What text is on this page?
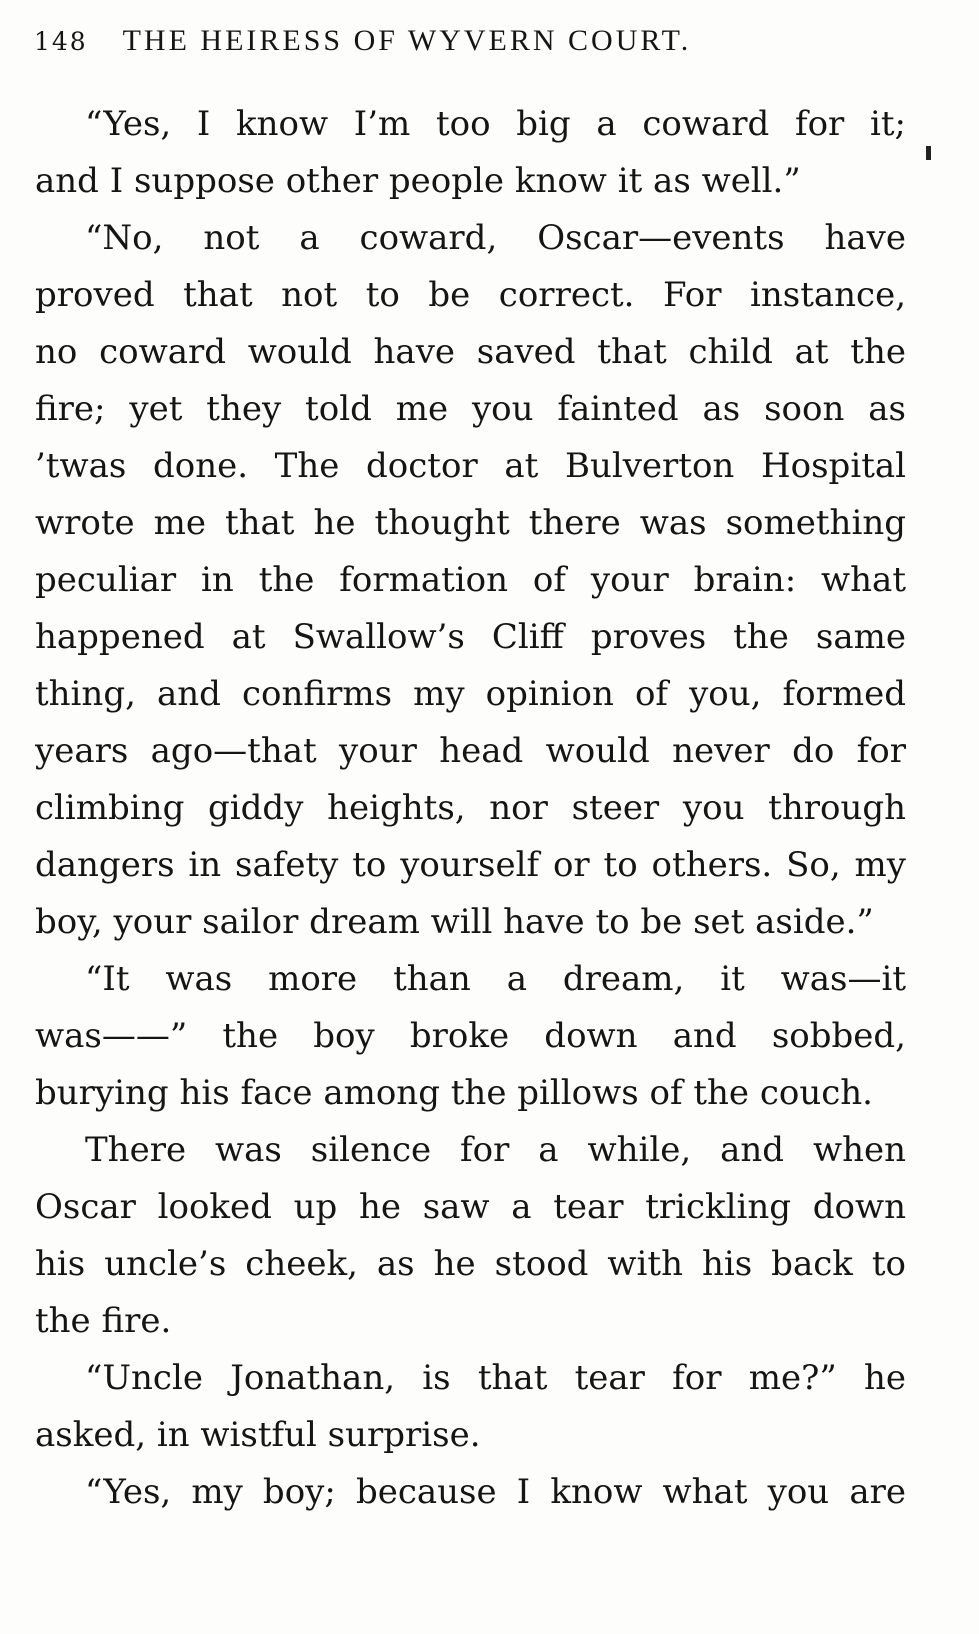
148 THE HEIRESS OF WYVERN COURT.
“Yes, I know I’m too big a coward for it;
and I suppose other people know it as well.”
“No, not a coward, Oscar—events have
proved that not to be correct. For instance,
no coward would have saved that child at the
fire; yet they told me you fainted as soon as
’twas done. The doctor at Bulverton Hospital
wrote me that he thought there was something
peculiar in the formation of your brain: what
happened at Swallow’s Cliff proves the same
thing, and confirms my opinion of you, formed
years ago—that your head would never do for
climbing giddy heights, nor steer you through
dangers in safety to yourself or to others. So, my
boy, your sailor dream will have to be set aside.”
“It was more than a dream, it was—it
was——” the boy broke down and sobbed,
burying his face among the pillows of the couch.
There was silence for a while, and when
Oscar looked up he saw a tear trickling down
his uncle’s cheek, as he stood with his back to
the fire.
“Uncle Jonathan, is that tear for me?” he
asked, in wistful surprise.
“Yes, my boy; because I know what you are
